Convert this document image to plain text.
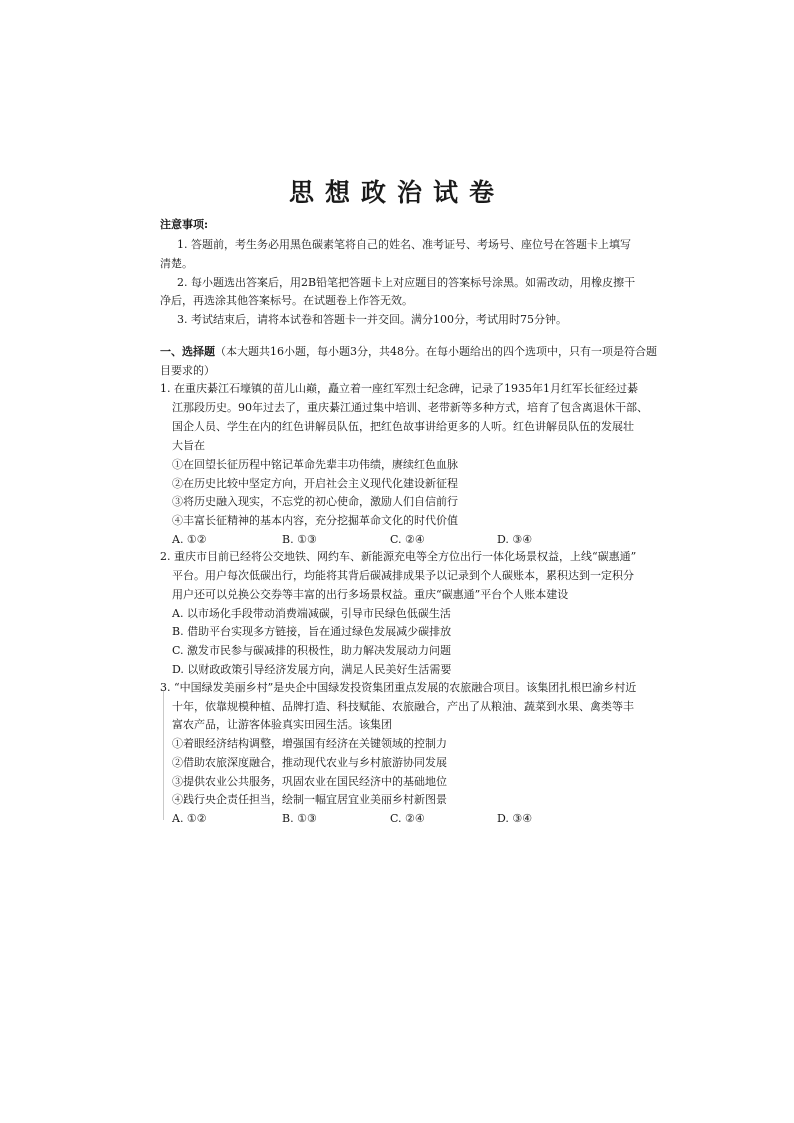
思想政治试卷
注意事项:
1. 答题前，考生务必用黑色碳素笔将自己的姓名、准考证号、考场号、座位号在答题卡上填写
清楚。
2. 每小题选出答案后，用2B铅笔把答题卡上对应题目的答案标号涂黑。如需改动，用橡皮擦干
净后，再选涂其他答案标号。在试题卷上作答无效。
3. 考试结束后，请将本试卷和答题卡一并交回。满分100分，考试用时75分钟。
一、选择题（本大题共16小题，每小题3分，共48分。在每小题给出的四个选项中，只有一项是符合题
目要求的）
1. 在重庆綦江石壕镇的苗儿山巅，矗立着一座红军烈士纪念碑，记录了1935年1月红军长征经过綦
江那段历史。90年过去了，重庆綦江通过集中培训、老带新等多种方式，培育了包含离退休干部、
国企人员、学生在内的红色讲解员队伍，把红色故事讲给更多的人听。红色讲解员队伍的发展壮
大旨在
①在回望长征历程中铭记革命先辈丰功伟绩，赓续红色血脉
②在历史比较中坚定方向，开启社会主义现代化建设新征程
③将历史融入现实，不忘党的初心使命，激励人们自信前行
④丰富长征精神的基本内容，充分挖掘革命文化的时代价值
A. ①②	B. ①③	C. ②④	D. ③④
2. 重庆市目前已经将公交地铁、网约车、新能源充电等全方位出行一体化场景权益，上线“碳惠通”
平台。用户每次低碳出行，均能将其背后碳减排成果予以记录到个人碳账本，累积达到一定积分
用户还可以兑换公交券等丰富的出行多场景权益。重庆“碳惠通”平台个人账本建设
A. 以市场化手段带动消费端减碳，引导市民绿色低碳生活
B. 借助平台实现多方链接，旨在通过绿色发展减少碳排放
C. 激发市民参与碳减排的积极性，助力解决发展动力问题
D. 以财政政策引导经济发展方向，满足人民美好生活需要
3. “中国绿发美丽乡村”是央企中国绿发投资集团重点发展的农旅融合项目。该集团扎根巴渝乡村近
十年，依靠规模种植、品牌打造、科技赋能、农旅融合，产出了从粮油、蔬菜到水果、禽类等丰
富农产品，让游客体验真实田园生活。该集团
①着眼经济结构调整，增强国有经济在关键领域的控制力
②借助农旅深度融合，推动现代农业与乡村旅游协同发展
③提供农业公共服务，巩固农业在国民经济中的基础地位
④践行央企责任担当，绘制一幅宜居宜业美丽乡村新图景
A. ①②	B. ①③	C. ②④	D. ③④
